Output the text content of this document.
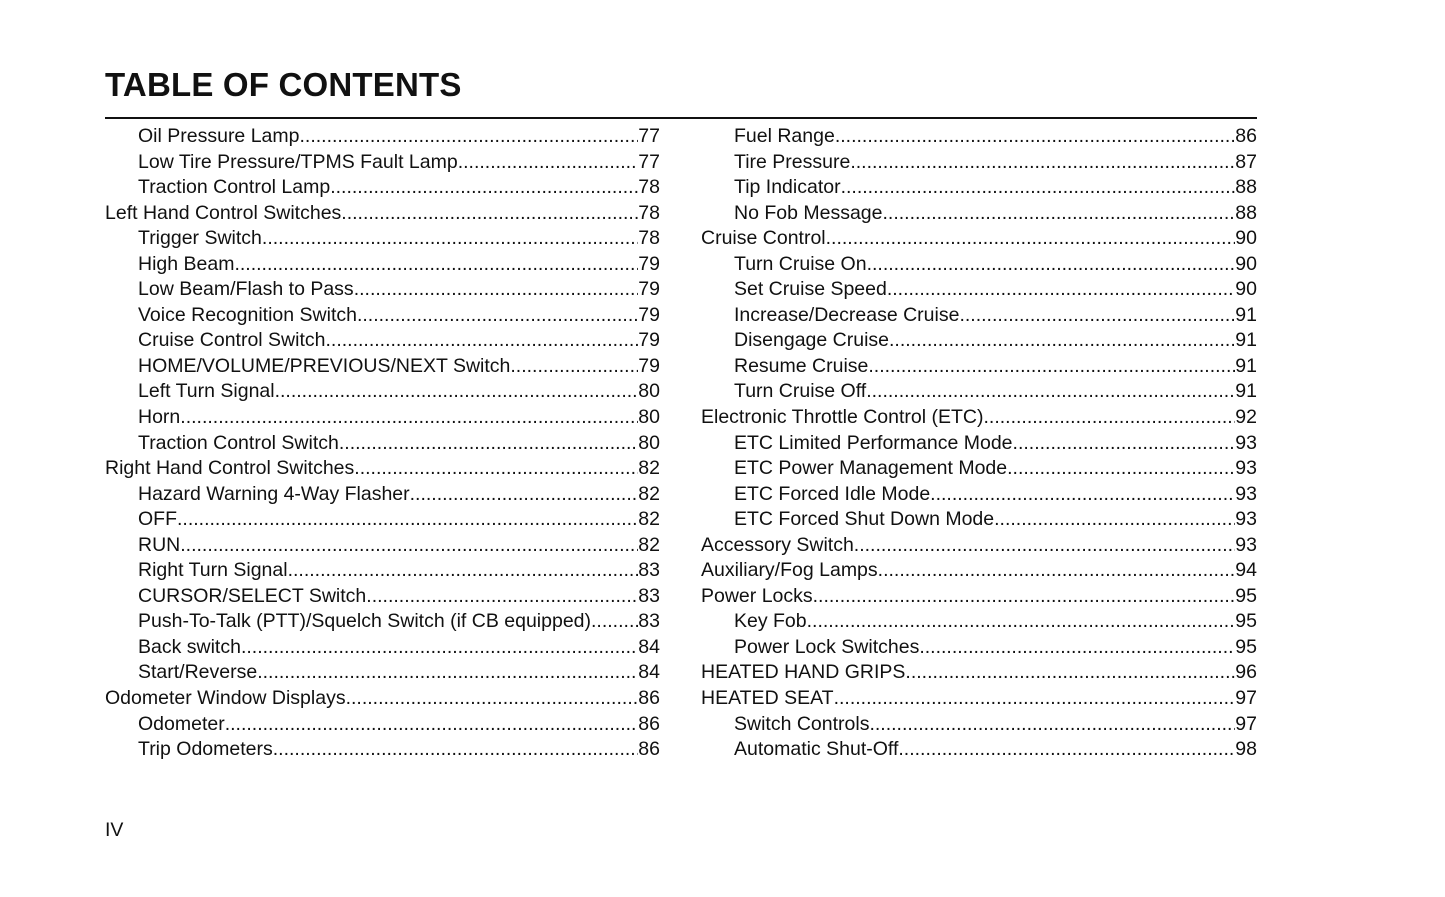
TABLE OF CONTENTS
Oil Pressure Lamp .....	77
Low Tire Pressure/TPMS Fault Lamp .....	77
Traction Control Lamp .....	78
Left Hand Control Switches .....	78
Trigger Switch .....	78
High Beam .....	79
Low Beam/Flash to Pass .....	79
Voice Recognition Switch .....	79
Cruise Control Switch .....	79
HOME/VOLUME/PREVIOUS/NEXT Switch .....	79
Left Turn Signal .....	80
Horn .....	80
Traction Control Switch .....	80
Right Hand Control Switches .....	82
Hazard Warning 4-Way Flasher .....	82
OFF .....	82
RUN .....	82
Right Turn Signal .....	83
CURSOR/SELECT Switch .....	83
Push-To-Talk (PTT)/Squelch Switch (if CB equipped) ..... 83
Back switch .....	84
Start/Reverse .....	84
Odometer Window Displays .....	86
Odometer .....	86
Trip Odometers .....	86
Fuel Range .....	86
Tire Pressure .....	87
Tip Indicator .....	88
No Fob Message .....	88
Cruise Control .....	90
Turn Cruise On .....	90
Set Cruise Speed .....	90
Increase/Decrease Cruise .....	91
Disengage Cruise .....	91
Resume Cruise .....	91
Turn Cruise Off .....	91
Electronic Throttle Control (ETC) .....	92
ETC Limited Performance Mode .....	93
ETC Power Management Mode .....	93
ETC Forced Idle Mode .....	93
ETC Forced Shut Down Mode .....	93
Accessory Switch .....	93
Auxiliary/Fog Lamps .....	94
Power Locks .....	95
Key Fob .....	95
Power Lock Switches .....	95
HEATED HAND GRIPS .....	96
HEATED SEAT .....	97
Switch Controls .....	97
Automatic Shut-Off .....	98
IV
